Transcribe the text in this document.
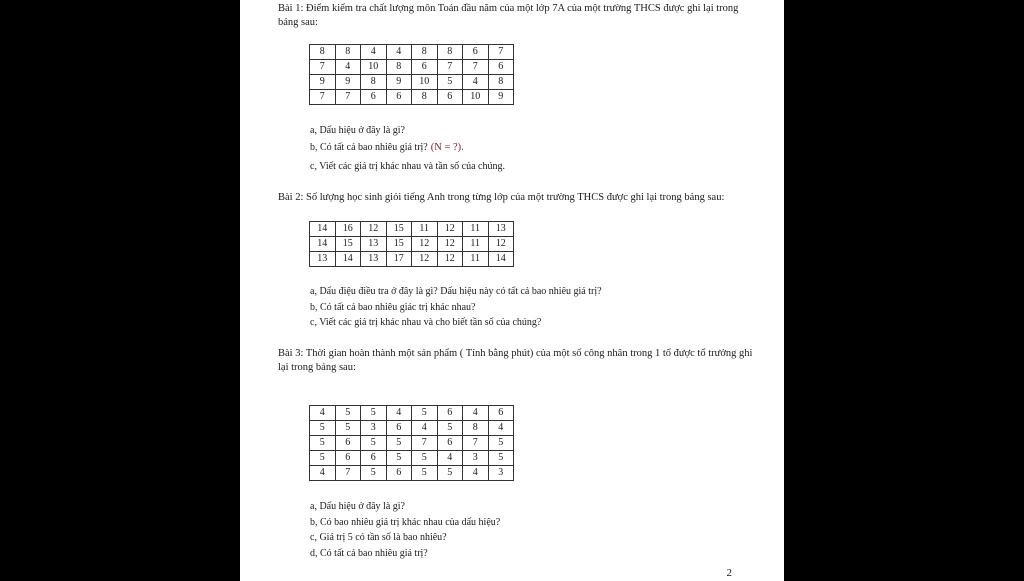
Bài 1: Điểm kiểm tra chất lượng môn Toán đầu năm của một lớp 7A của một trường THCS được ghi lại trong bảng sau:
8	8	4	4	8	8	6	7
7	4	10	8	6	7	7	6
9	9	8	9	10	5	4	8
7	7	6	6	8	6	10	9
a, Dấu hiệu ở đây là gì?
b, Có tất cả bao nhiêu giá trị? (N = ?).
c, Viết các giá trị khác nhau và tần số của chúng.
Bài 2: Số lượng học sinh giỏi tiếng Anh trong từng lớp của một trường THCS được ghi lại trong bảng sau:
14	16	12	15	11	12	11	13
14	15	13	15	12	12	11	12
13	14	13	17	12	12	11	14
a, Dấu điệu điều tra ở đây là gì? Dấu hiệu này có tất cả bao nhiêu giá trị?
b, Có tất cả bao nhiêu giác trị khác nhau?
c, Viết các giá trị khác nhau và cho biết tần số của chúng?
Bài 3: Thời gian hoàn thành một sản phẩm ( Tính bằng phút) của một số công nhân trong 1 tổ được tổ trưởng ghi lại trong bảng sau:
4	5	5	4	5	6	4	6
5	5	3	6	4	5	8	4
5	6	5	5	7	6	7	5
5	6	6	5	5	4	3	5
4	7	5	6	5	5	4	3
a, Dấu hiệu ở đây là gì?
b, Có bao nhiêu giá trị khác nhau của dấu hiệu?
c, Giá trị 5 có tần số là bao nhiêu?
d, Có tất cả bao nhiêu giá trị?
2
